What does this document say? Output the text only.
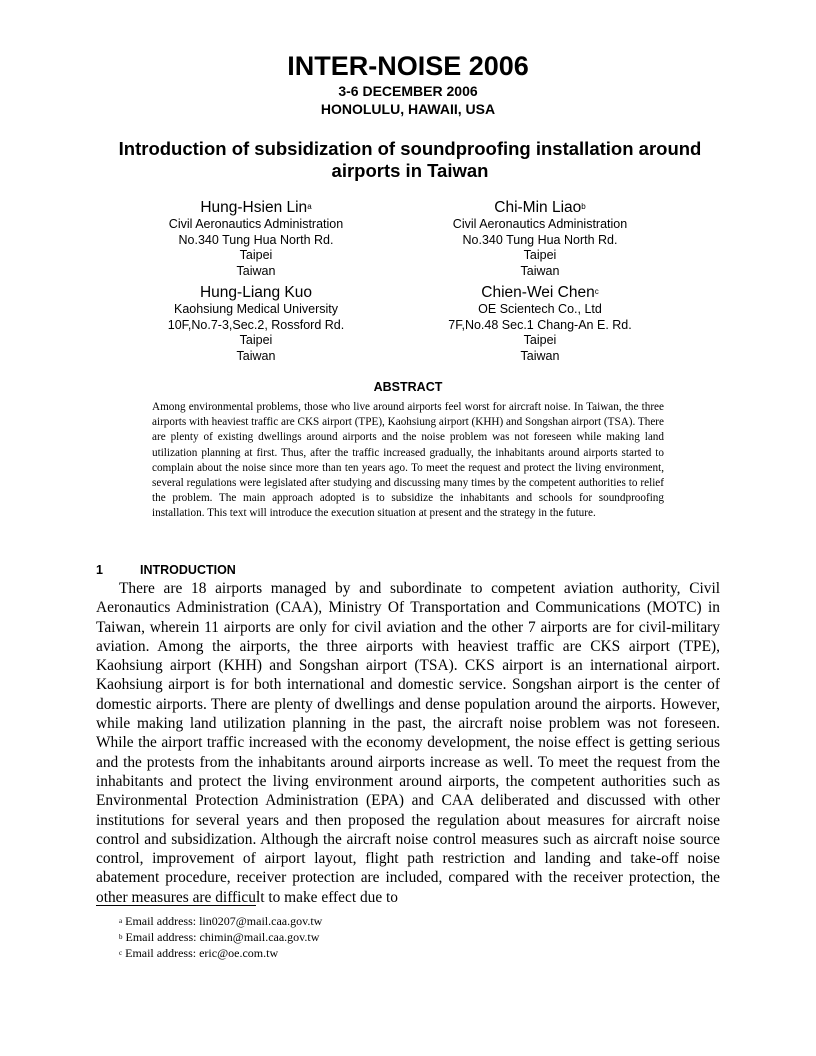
INTER-NOISE 2006
3-6 DECEMBER 2006
HONOLULU, HAWAII, USA
Introduction of subsidization of soundproofing installation around airports in Taiwan
Hung-Hsien Lin$^a$
Civil Aeronautics Administration
No.340 Tung Hua North Rd.
Taipei
Taiwan
Chi-Min Liao$^b$
Civil Aeronautics Administration
No.340 Tung Hua North Rd.
Taipei
Taiwan
Hung-Liang Kuo
Kaohsiung Medical University
10F,No.7-3,Sec.2, Rossford Rd.
Taipei
Taiwan
Chien-Wei Chen$^c$
OE Scientech Co., Ltd
7F,No.48 Sec.1 Chang-An E. Rd.
Taipei
Taiwan
ABSTRACT
Among environmental problems, those who live around airports feel worst for aircraft noise. In Taiwan, the three airports with heaviest traffic are CKS airport (TPE), Kaohsiung airport (KHH) and Songshan airport (TSA). There are plenty of existing dwellings around airports and the noise problem was not foreseen while making land utilization planning at first. Thus, after the traffic increased gradually, the inhabitants around airports started to complain about the noise since more than ten years ago. To meet the request and protect the living environment, several regulations were legislated after studying and discussing many times by the competent authorities to relief the problem. The main approach adopted is to subsidize the inhabitants and schools for soundproofing installation. This text will introduce the execution situation at present and the strategy in the future.
1	INTRODUCTION
There are 18 airports managed by and subordinate to competent aviation authority, Civil Aeronautics Administration (CAA), Ministry Of Transportation and Communications (MOTC) in Taiwan, wherein 11 airports are only for civil aviation and the other 7 airports are for civil-military aviation. Among the airports, the three airports with heaviest traffic are CKS airport (TPE), Kaohsiung airport (KHH) and Songshan airport (TSA). CKS airport is an international airport. Kaohsiung airport is for both international and domestic service. Songshan airport is the center of domestic airports. There are plenty of dwellings and dense population around the airports. However, while making land utilization planning in the past, the aircraft noise problem was not foreseen. While the airport traffic increased with the economy development, the noise effect is getting serious and the protests from the inhabitants around airports increase as well. To meet the request from the inhabitants and protect the living environment around airports, the competent authorities such as Environmental Protection Administration (EPA) and CAA deliberated and discussed with other institutions for several years and then proposed the regulation about measures for aircraft noise control and subsidization. Although the aircraft noise control measures such as aircraft noise source control, improvement of airport layout, flight path restriction and landing and take-off noise abatement procedure, receiver protection are included, compared with the receiver protection, the other measures are difficult to make effect due to
$^a$ Email address: lin0207@mail.caa.gov.tw
$^b$ Email address: chimin@mail.caa.gov.tw
$^c$ Email address: eric@oe.com.tw
